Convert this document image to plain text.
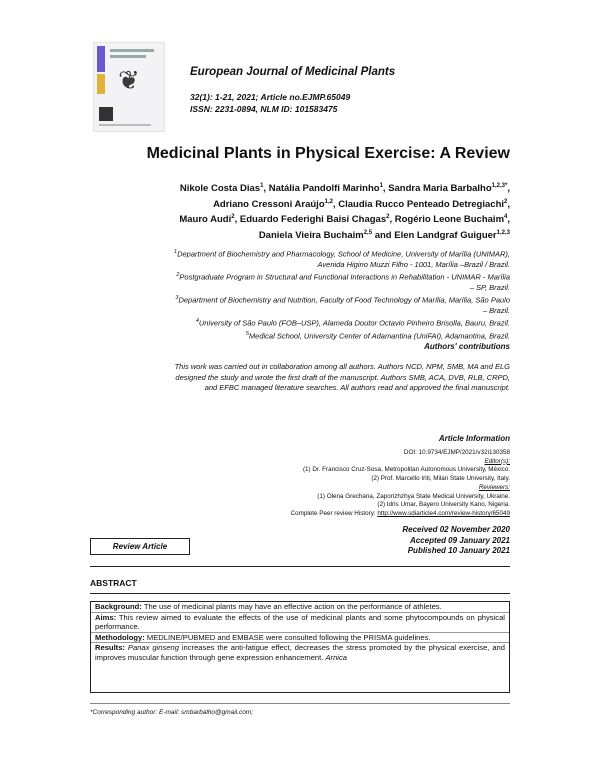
❦	European Journal of Medicinal Plants
32(1): 1-21, 2021; Article no.EJMP.65049
ISSN: 2231-0894, NLM ID: 101583475
Medicinal Plants in Physical Exercise: A Review
Nikole Costa Dias$^1$, Natália Pandolfi Marinho$^1$, Sandra Maria Barbalho$^{1,2,3*}$,
Adriano Cressoni Araújo$^{1,2}$, Claudia Rucco Penteado Detregiachi$^2$,
Mauro Audi$^2$, Eduardo Federighi Baisi Chagas$^2$, Rogério Leone Buchaim$^4$,
Daniela Vieira Buchaim$^{2,5}$ and Elen Landgraf Guiguer$^{1,2,3}$
$^1$Department of Biochemistry and Pharmacology, School of Medicine, University of Marília (UNIMAR),
Avenida Higino Muzzi Filho - 1001, Marília –Brazil / Brazil.
$^2$Postgraduate Program in Structural and Functional Interactions in Rehabilitation - UNIMAR - Marília
– SP, Brazil.
$^3$Department of Biochemistry and Nutrition, Faculty of Food Technology of Marília, Marília, São Paulo
– Brazil.
$^4$University of São Paulo (FOB–USP), Alameda Doutor Octavio Pinheiro Brisolla, Bauru, Brazil.
$^5$Medical School, University Center of Adamantina (UniFAI), Adamantina, Brazil.
Authors' contributions
This work was carried out in collaboration among all authors. Authors NCD, NPM, SMB, MA and ELG
designed the study and wrote the first draft of the manuscript. Authors SMB, ACA, DVB, RLB, CRPD,
and EFBC managed literature searches. All authors read and approved the final manuscript.
Article Information
DOI: 10.9734/EJMP/2021/v32i130358
Editor(s):
(1) Dr. Francisco Cruz-Sosa, Metropolitan Autonomous University, México.
(2) Prof. Marcello Iriti, Milan State University, Italy.
Reviewers:
(1) Olena Grechana, Zaporizhzhya State Medical University, Ukraine.
(2) Idris Umar, Bayero University Kano, Nigeria.
Complete Peer review History: http://www.sdiarticle4.com/review-history/65049
Received 02 November 2020
Accepted 09 January 2021
Published 10 January 2021
Review Article
ABSTRACT

Background: The use of medicinal plants may have an effective action on the performance of athletes.

Aims: This review aimed to evaluate the effects of the use of medicinal plants and some phytocompounds on physical performance.

Methodology: MEDLINE/PUBMED and EMBASE were consulted following the PRISMA guidelines.

Results: Panax ginseng increases the anti-fatigue effect, decreases the stress promoted by the physical exercise, and improves muscular function through gene expression enhancement. Arnica

*Corresponding author: E-mail: smbarbalho@gmail.com;
